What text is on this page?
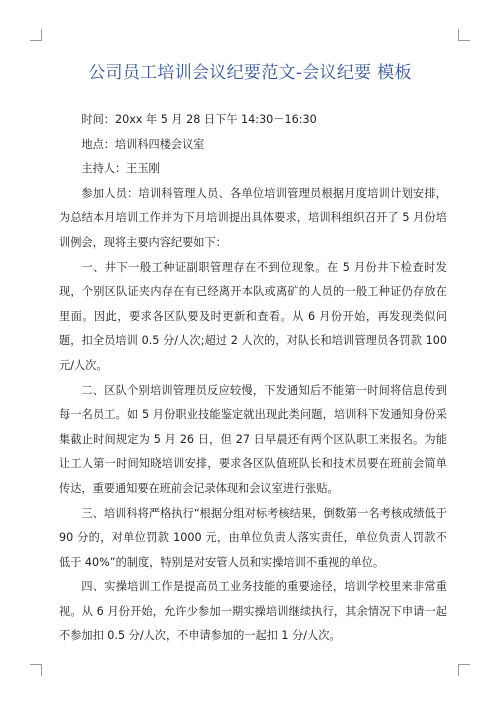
公司员工培训会议纪要范文-会议纪要 模板

时间：20xx 年 5 月 28 日下午 14:30－16:30

地点：培训科四楼会议室

主持人：王玉刚

参加人员：培训科管理人员、各单位培训管理员根据月度培训计划安排，为总结本月培训工作并为下月培训提出具体要求，培训科组织召开了 5 月份培训例会，现将主要内容纪要如下：

一、井下一般工种证副职管理存在不到位现象。在 5 月份井下检查时发现，个别区队证夹内存在有已经离开本队或离矿的人员的一般工种证仍存放在里面。因此，要求各区队要及时更新和查看。从 6 月份开始，再发现类似问题，扣全员培训 0.5 分/人次;超过 2 人次的，对队长和培训管理员各罚款 100 元/人次。

二、区队个别培训管理员反应较慢，下发通知后不能第一时间将信息传到每一名员工。如 5 月份职业技能鉴定就出现此类问题，培训科下发通知身份采集截止时间规定为 5 月 26 日，但 27 日早晨还有两个区队职工来报名。为能让工人第一时间知晓培训安排，要求各区队值班队长和技术员要在班前会简单传达，重要通知要在班前会记录体现和会议室进行张贴。

三、培训科将严格执行“根据分组对标考核结果，倒数第一名考核成绩低于 90 分的，对单位罚款 1000 元，由单位负责人落实责任，单位负责人罚款不低于 40%”的制度，特别是对安管人员和实操培训不重视的单位。

四、实操培训工作是提高员工业务技能的重要途径，培训学校里来非常重视。从 6 月份开始，允许少参加一期实操培训继续执行，其余情况下申请一起不参加扣 0.5 分/人次，不申请参加的一起扣 1 分/人次。
